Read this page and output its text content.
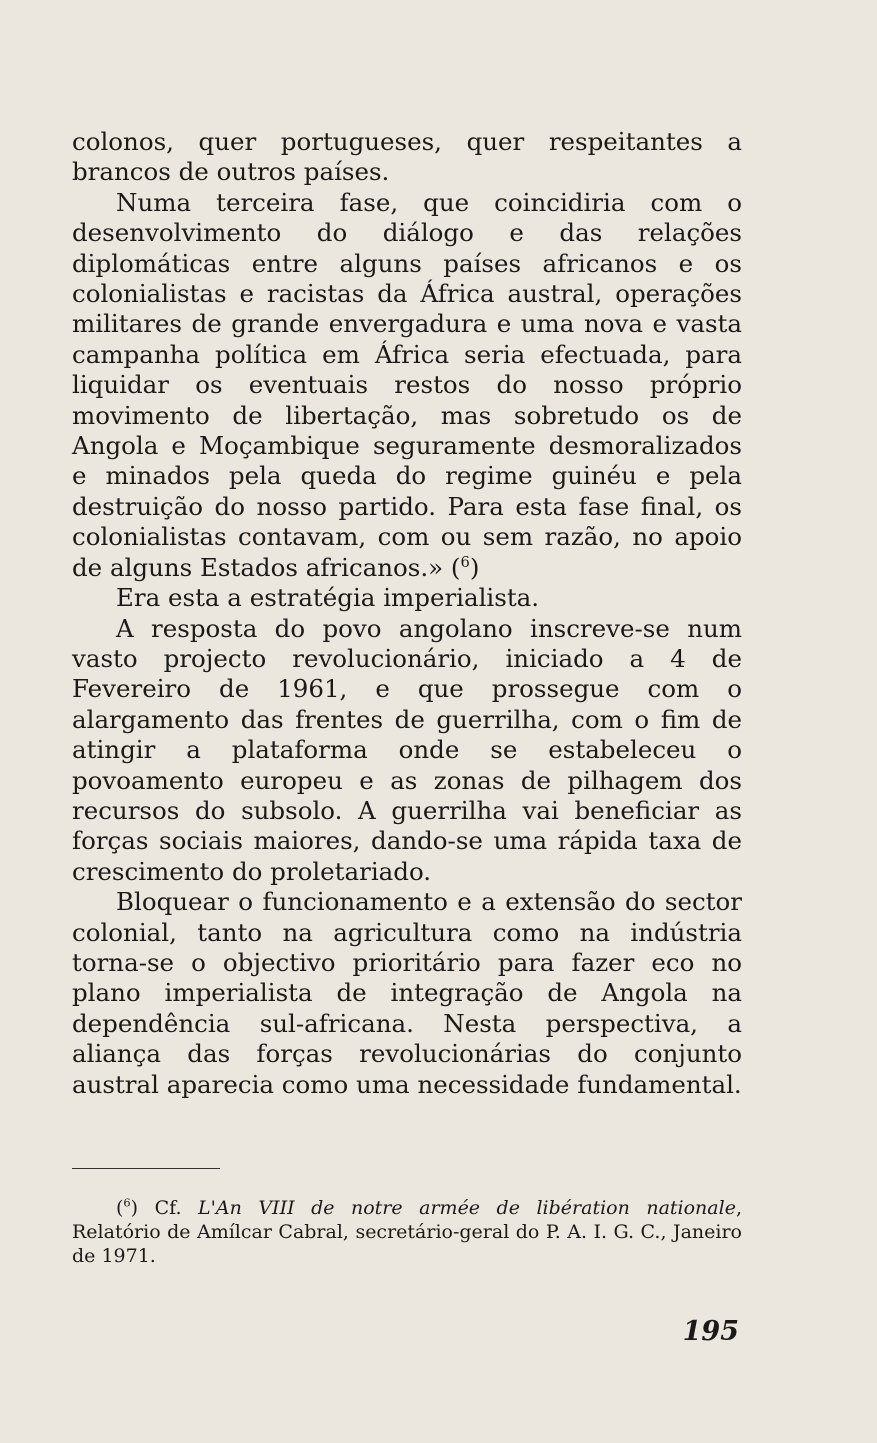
colonos, quer portugueses, quer respeitantes a brancos de outros países.

Numa terceira fase, que coincidiria com o desenvolvimento do diálogo e das relações diplomáticas entre alguns países africanos e os colonialistas e racistas da África austral, operações militares de grande envergadura e uma nova e vasta campanha política em África seria efectuada, para liquidar os eventuais restos do nosso próprio movimento de libertação, mas sobretudo os de Angola e Moçambique seguramente desmoralizados e minados pela queda do regime guinéu e pela destruição do nosso partido. Para esta fase final, os colonialistas contavam, com ou sem razão, no apoio de alguns Estados africanos.» ($^6$)

Era esta a estratégia imperialista.

A resposta do povo angolano inscreve-se num vasto projecto revolucionário, iniciado a 4 de Fevereiro de 1961, e que prossegue com o alargamento das frentes de guerrilha, com o fim de atingir a plataforma onde se estabeleceu o povoamento europeu e as zonas de pilhagem dos recursos do subsolo. A guerrilha vai beneficiar as forças sociais maiores, dando-se uma rápida taxa de crescimento do proletariado.

Bloquear o funcionamento e a extensão do sector colonial, tanto na agricultura como na indústria torna-se o objectivo prioritário para fazer eco no plano imperialista de integração de Angola na dependência sul-africana. Nesta perspectiva, a aliança das forças revolucionárias do conjunto austral aparecia como uma necessidade fundamental.

($^6$) Cf. L'An VIII de notre armée de libération nationale, Relatório de Amílcar Cabral, secretário-geral do P. A. I. G. C., Janeiro de 1971.

195
